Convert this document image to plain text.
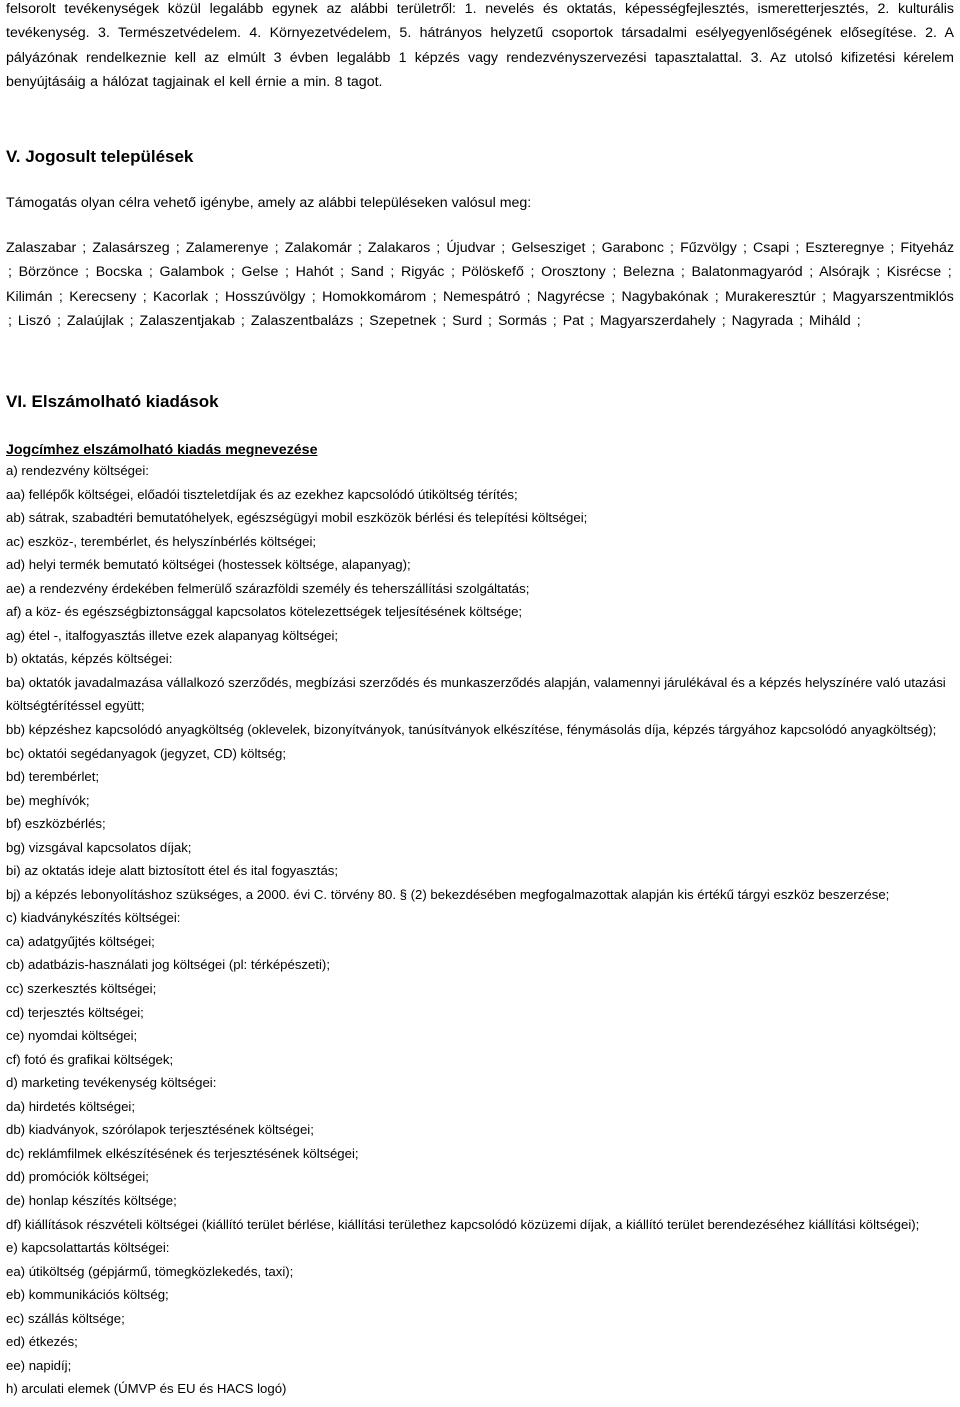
felsorolt tevékenységek közül legalább egynek az alábbi területről: 1. nevelés és oktatás, képességfejlesztés, ismeretterjesztés, 2. kulturális tevékenység. 3. Természetvédelem. 4. Környezetvédelem, 5. hátrányos helyzetű csoportok társadalmi esélyegyenlőségének elősegítése. 2. A pályázónak rendelkeznie kell az elmúlt 3 évben legalább 1 képzés vagy rendezvényszervezési tapasztalattal. 3. Az utolsó kifizetési kérelem benyújtásáig a hálózat tagjainak el kell érnie a min. 8 tagot.

V. Jogosult települések

Támogatás olyan célra vehető igénybe, amely az alábbi településeken valósul meg:

Zalaszabar ; Zalasárszeg ; Zalamerenye ; Zalakomár ; Zalakaros ; Újudvar ; Gelsesziget ; Garabonc ; Fűzvölgy ; Csapi ; Eszteregnye ; Fityeház ; Börzönce ; Bocska ; Galambok ; Gelse ; Hahót ; Sand ; Rigyác ; Pölöskefő ; Orosztony ; Belezna ; Balatonmagyaród ; Alsórajk ; Kisrécse ; Kilimán ; Kerecseny ; Kacorlak ; Hosszúvölgy ; Homokkomárom ; Nemespátró ; Nagyrécse ; Nagybakónak ; Murakeresztúr ; Magyarszentmiklós ; Liszó ; Zalaújlak ; Zalaszentjakab ; Zalaszentbalázs ; Szepetnek ; Surd ; Sormás ; Pat ; Magyarszerdahely ; Nagyrada ; Miháld ;

VI. Elszámolható kiadások

Jogcímhez elszámolható kiadás megnevezése

a) rendezvény költségei:
aa) fellépők költségei, előadói tiszteletdíjak és az ezekhez kapcsolódó útiköltség térítés;
ab) sátrak, szabadtéri bemutatóhelyek, egészségügyi mobil eszközök bérlési és telepítési költségei;
ac) eszköz-, terembérlet, és helyszínbérlés költségei;
ad) helyi termék bemutató költségei (hostessek költsége, alapanyag);
ae) a rendezvény érdekében felmerülő szárazföldi személy és teherszállítási szolgáltatás;
af) a köz- és egészségbiztonsággal kapcsolatos kötelezettségek teljesítésének költsége;
ag) étel -, italfogyasztás illetve ezek alapanyag költségei;
b) oktatás, képzés költségei:
ba) oktatók javadalmazása vállalkozó szerződés, megbízási szerződés és munkaszerződés alapján, valamennyi járulékával és a képzés helyszínére való utazási költségtérítéssel együtt;
bb) képzéshez kapcsolódó anyagköltség (oklevelek, bizonyítványok, tanúsítványok elkészítése, fénymásolás díja, képzés tárgyához kapcsolódó anyagköltség);
bc) oktatói segédanyagok (jegyzet, CD) költség;
bd) terembérlet;
be) meghívók;
bf) eszközbérlés;
bg) vizsgával kapcsolatos díjak;
bi) az oktatás ideje alatt biztosított étel és ital fogyasztás;
bj) a képzés lebonyolításhoz szükséges, a 2000. évi C. törvény 80. § (2) bekezdésében megfogalmazottak alapján kis értékű tárgyi eszköz beszerzése;
c) kiadványkészítés költségei:
ca) adatgyűjtés költségei;
cb) adatbázis-használati jog költségei (pl: térképészeti);
cc) szerkesztés költségei;
cd) terjesztés költségei;
ce) nyomdai költségei;
cf) fotó és grafikai költségek;
d) marketing tevékenység költségei:
da) hirdetés költségei;
db) kiadványok, szórólapok terjesztésének költségei;
dc) reklámfilmek elkészítésének és terjesztésének költségei;
dd) promóciók költségei;
de) honlap készítés költsége;
df) kiállítások részvételi költségei (kiállító terület bérlése, kiállítási területhez kapcsolódó közüzemi díjak, a kiállító terület berendezéséhez kiállítási költségei);
e) kapcsolattartás költségei:
ea) útiköltség (gépjármű, tömegközlekedés, taxi);
eb) kommunikációs költség;
ec) szállás költsége;
ed) étkezés;
ee) napidíj;
h) arculati elemek (ÚMVP és EU és HACS logó)
